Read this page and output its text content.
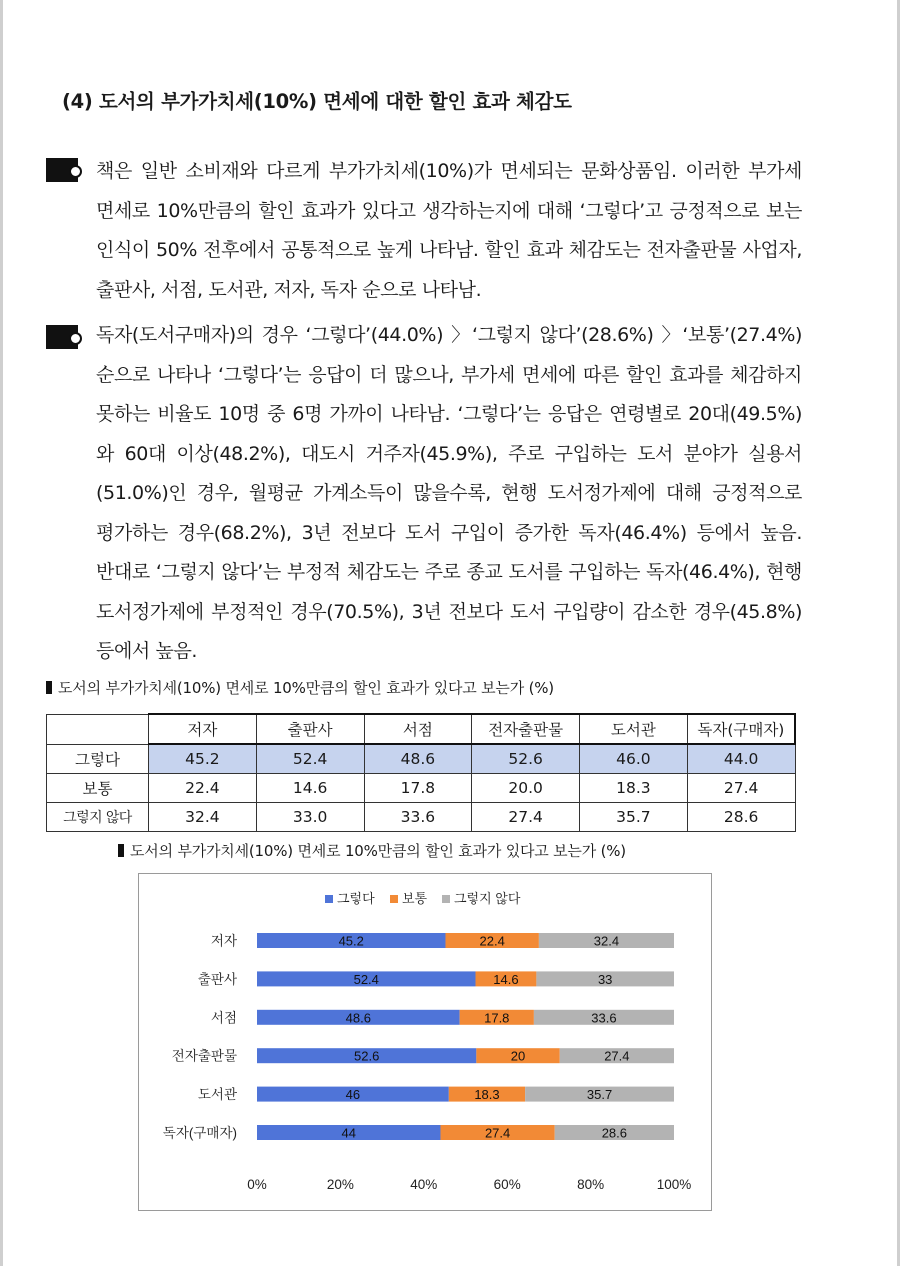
(4) 도서의 부가가치세(10%) 면세에 대한 할인 효과 체감도
책은 일반 소비재와 다르게 부가가치세(10%)가 면세되는 문화상품임. 이러한 부가세 면세로 10%만큼의 할인 효과가 있다고 생각하는지에 대해 ‘그렇다’고 긍정적으로 보는 인식이 50% 전후에서 공통적으로 높게 나타남. 할인 효과 체감도는 전자출판물 사업자, 출판사, 서점, 도서관, 저자, 독자 순으로 나타남.
독자(도서구매자)의 경우 ‘그렇다’(44.0%) 〉‘그렇지 않다’(28.6%) 〉‘보통’(27.4%) 순으로 나타나 ‘그렇다’는 응답이 더 많으나, 부가세 면세에 따른 할인 효과를 체감하지 못하는 비율도 10명 중 6명 가까이 나타남. ‘그렇다’는 응답은 연령별로 20대(49.5%)와 60대 이상(48.2%), 대도시 거주자(45.9%), 주로 구입하는 도서 분야가 실용서(51.0%)인 경우, 월평균 가계소득이 많을수록, 현행 도서정가제에 대해 긍정적으로 평가하는 경우(68.2%), 3년 전보다 도서 구입이 증가한 독자(46.4%) 등에서 높음. 반대로 ‘그렇지 않다’는 부정적 체감도는 주로 종교 도서를 구입하는 독자(46.4%), 현행 도서정가제에 부정적인 경우(70.5%), 3년 전보다 도서 구입량이 감소한 경우(45.8%) 등에서 높음.
도서의 부가가치세(10%) 면세로 10%만큼의 할인 효과가 있다고 보는가 (%)
	저자	출판사	서점	전자출판물	도서관	독자(구매자)
그렇다	45.2	52.4	48.6	52.6	46.0	44.0
보통	22.4	14.6	17.8	20.0	18.3	27.4
그렇지 않다	32.4	33.0	33.6	27.4	35.7	28.6
도서의 부가가치세(10%) 면세로 10%만큼의 할인 효과가 있다고 보는가 (%)
그렇다 보통 그렇지 않다
저자	45.2	22.4	32.4
출판사	52.4	14.6	33
서점	48.6	17.8	33.6
전자출판물	52.6	20	27.4
도서관	46	18.3	35.7
독자(구매자)	44	27.4	28.6
0%	20%	40%	60%	80%	100%
